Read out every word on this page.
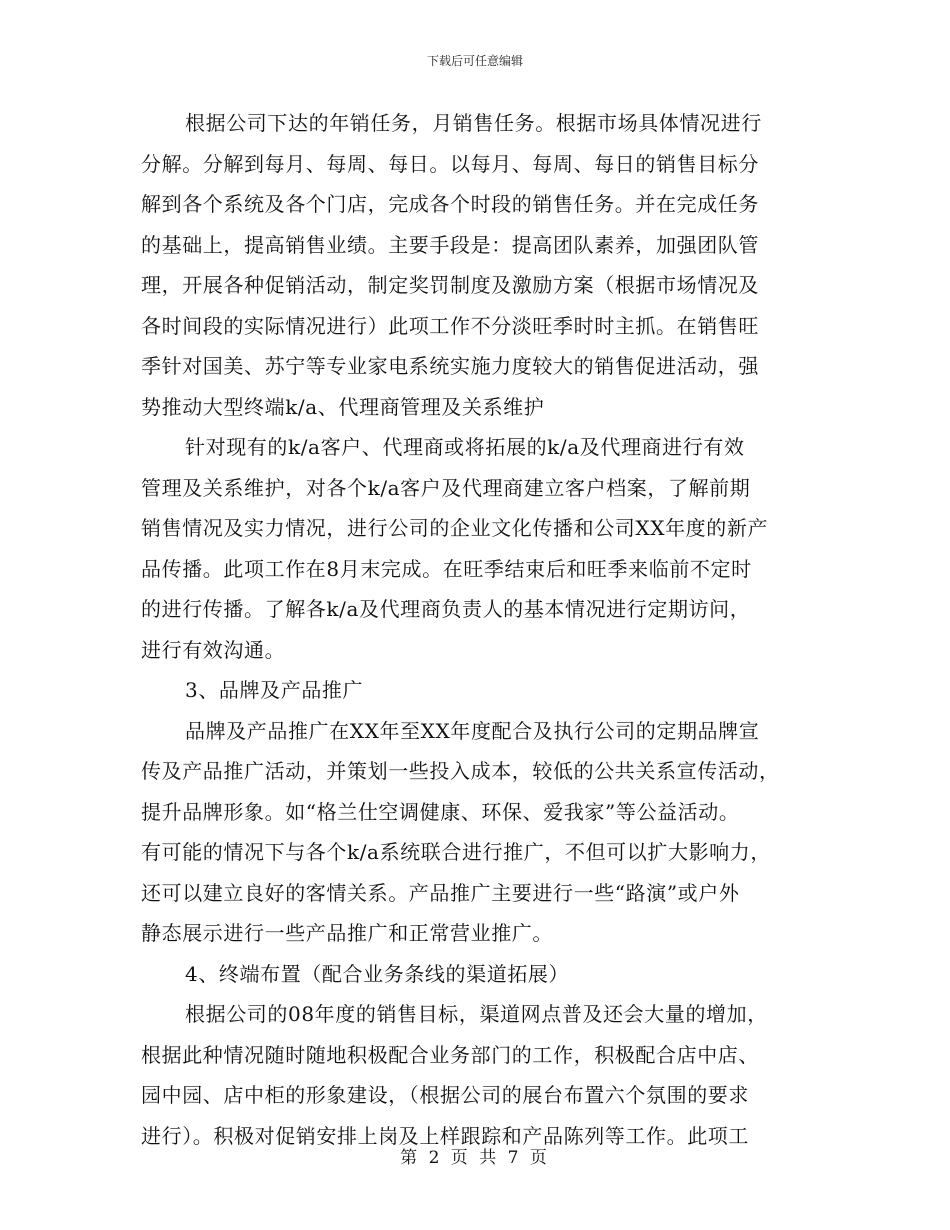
下载后可任意编辑
根据公司下达的年销任务，月销售任务。根据市场具体情况进行
分解。分解到每月、每周、每日。以每月、每周、每日的销售目标分
解到各个系统及各个门店，完成各个时段的销售任务。并在完成任务
的基础上，提高销售业绩。主要手段是：提高团队素养，加强团队管
理，开展各种促销活动，制定奖罚制度及激励方案（根据市场情况及
各时间段的实际情况进行）此项工作不分淡旺季时时主抓。在销售旺
季针对国美、苏宁等专业家电系统实施力度较大的销售促进活动，强
势推动大型终端k/a、代理商管理及关系维护
针对现有的k/a客户、代理商或将拓展的k/a及代理商进行有效
管理及关系维护，对各个k/a客户及代理商建立客户档案，了解前期
销售情况及实力情况，进行公司的企业文化传播和公司XX年度的新产
品传播。此项工作在8月末完成。在旺季结束后和旺季来临前不定时
的进行传播。了解各k/a及代理商负责人的基本情况进行定期访问，
进行有效沟通。
3、品牌及产品推广
品牌及产品推广在XX年至XX年度配合及执行公司的定期品牌宣
传及产品推广活动，并策划一些投入成本，较低的公共关系宣传活动，
提升品牌形象。如“格兰仕空调健康、环保、爱我家”等公益活动。
有可能的情况下与各个k/a系统联合进行推广，不但可以扩大影响力，
还可以建立良好的客情关系。产品推广主要进行一些“路演”或户外
静态展示进行一些产品推广和正常营业推广。
4、终端布置（配合业务条线的渠道拓展）
根据公司的08年度的销售目标，渠道网点普及还会大量的增加，
根据此种情况随时随地积极配合业务部门的工作，积极配合店中店、
园中园、店中柜的形象建设，（根据公司的展台布置六个氛围的要求
进行）。积极对促销安排上岗及上样跟踪和产品陈列等工作。此项工
第 2 页 共 7 页
